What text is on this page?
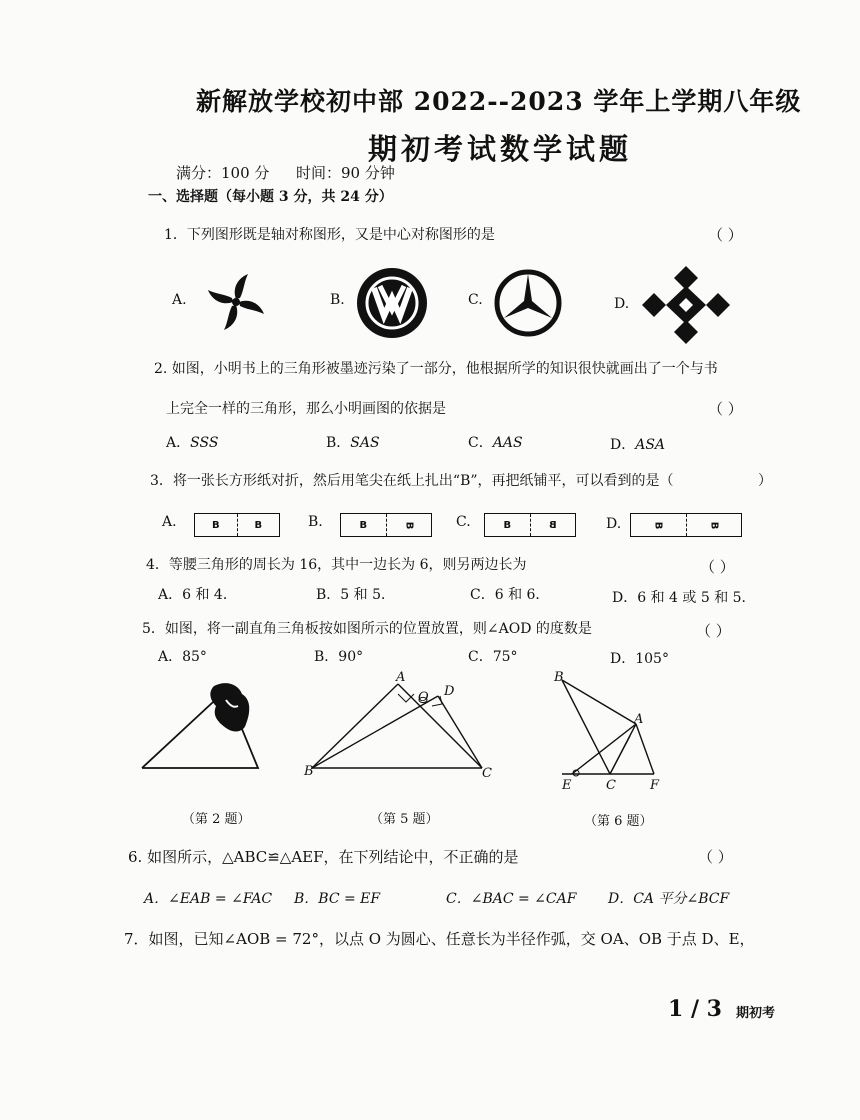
新解放学校初中部 2022--2023 学年上学期八年级
期初考试数学试题
满分：100 分 时间：90 分钟
一、选择题（每小题 3 分，共 24 分）
1．下列图形既是轴对称图形，又是中心对称图形的是	（ ）
A.	B.	C.	D.
2. 如图，小明书上的三角形被墨迹污染了一部分，他根据所学的知识很快就画出了一个与书
上完全一样的三角形，那么小明画图的依据是	（ ）
A．SSS	B．SAS	C．AAS	D．ASA
3．将一张长方形纸对折，然后用笔尖在纸上扎出“B”，再把纸铺平，可以看到的是（	）
A.	B	B	B.	B	B	C.	B	B	D.	B	B
4．等腰三角形的周长为 16，其中一边长为 6，则另两边长为	（ ）
A．6 和 4．	B．5 和 5．	C．6 和 6．	D．6 和 4 或 5 和 5．
5．如图，将一副直角三角板按如图所示的位置放置，则∠AOD 的度数是	（ ）
A．85°	B．90°	C．75°	D．105°
A
O D
B	C
B
A
E	C	F
（第 2 题）	（第 5 题）	（第 6 题）
6. 如图所示，△ABC≌△AEF，在下列结论中，不正确的是	（ ）
A．∠EAB = ∠FAC B．BC = EF	C．∠BAC = ∠CAF D．CA 平分∠BCF
7．如图，已知∠AOB = 72°，以点 O 为圆心、任意长为半径作弧，交 OA、OB 于点 D、E，
1 / 3 期初考
